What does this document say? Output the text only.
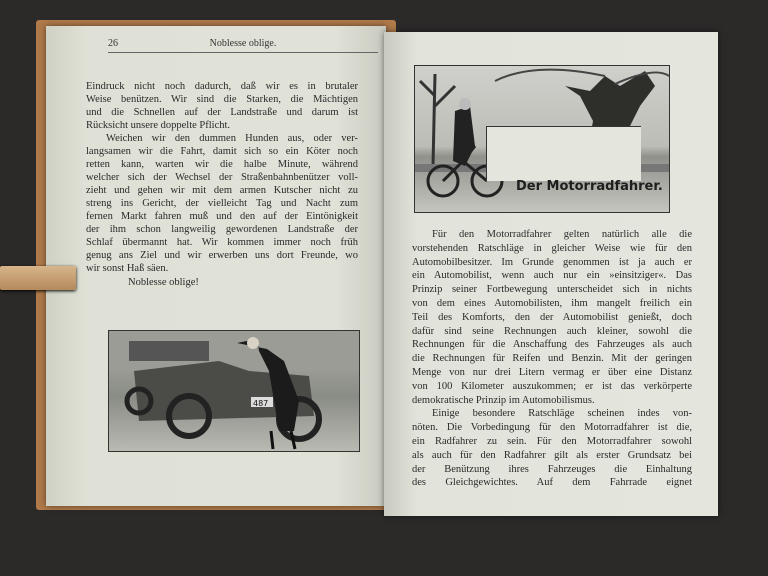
26	Noblesse oblige.
Eindruck nicht noch dadurch, daß wir es in brutaler
Weise benützen. Wir sind die Starken, die Mächtigen
und die Schnellen auf der Landstraße und darum ist
Rücksicht unsere doppelte Pflicht.
Weichen wir den dummen Hunden aus, oder ver-
langsamen wir die Fahrt, damit sich so ein Köter noch
retten kann, warten wir die halbe Minute, während
welcher sich der Wechsel der Straßenbahnbenützer voll-
zieht und gehen wir mit dem armen Kutscher nicht zu
streng ins Gericht, der vielleicht Tag und Nacht zum
fernen Markt fahren muß und den auf der Eintönigkeit
der ihm schon langweilig gewordenen Landstraße der
Schlaf übermannt hat. Wir kommen immer noch früh
genug ans Ziel und wir erwerben uns dort Freunde, wo
wir sonst Haß säen.
Noblesse oblige!
487
Der Motorradfahrer.
Für den Motorradfahrer gelten natürlich alle die
vorstehenden Ratschläge in gleicher Weise wie für den
Automobilbesitzer. Im Grunde genommen ist ja auch er
ein Automobilist, wenn auch nur ein »einsitziger«. Das
Prinzip seiner Fortbewegung unterscheidet sich in nichts
von dem eines Automobilisten, ihm mangelt freilich ein
Teil des Komforts, den der Automobilist genießt, doch
dafür sind seine Rechnungen auch kleiner, sowohl die
Rechnungen für die Anschaffung des Fahrzeuges als auch
die Rechnungen für Reifen und Benzin. Mit der geringen
Menge von nur drei Litern vermag er über eine Distanz
von 100 Kilometer auszukommen; er ist das verkörperte
demokratische Prinzip im Automobilismus.
Einige besondere Ratschläge scheinen indes von-
nöten. Die Vorbedingung für den Motorradfahrer ist die,
ein Radfahrer zu sein. Für den Motorradfahrer sowohl
als auch für den Radfahrer gilt als erster Grundsatz bei
der Benützung ihres Fahrzeuges die Einhaltung
des Gleichgewichtes. Auf dem Fahrrade eignet
